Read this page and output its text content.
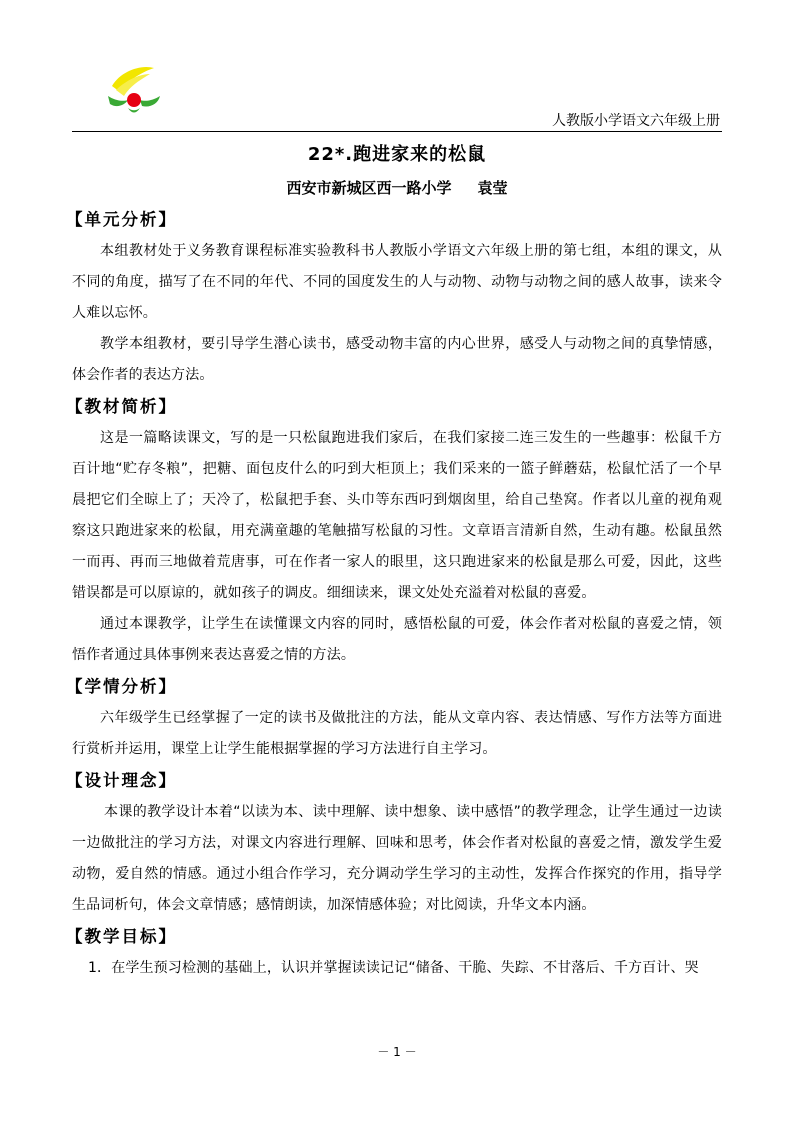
人教版小学语文六年级上册
22*.跑进家来的松鼠
西安市新城区西一路小学 袁莹
【单元分析】

本组教材处于义务教育课程标准实验教科书人教版小学语文六年级上册的第七组，本组的课文，从不同的角度，描写了在不同的年代、不同的国度发生的人与动物、动物与动物之间的感人故事，读来令人难以忘怀。

教学本组教材，要引导学生潜心读书，感受动物丰富的内心世界，感受人与动物之间的真挚情感，体会作者的表达方法。

【教材简析】

这是一篇略读课文，写的是一只松鼠跑进我们家后，在我们家接二连三发生的一些趣事：松鼠千方百计地“贮存冬粮”，把糖、面包皮什么的叼到大柜顶上；我们采来的一篮子鲜蘑菇，松鼠忙活了一个早晨把它们全晾上了；天冷了，松鼠把手套、头巾等东西叼到烟囱里，给自己垫窝。作者以儿童的视角观察这只跑进家来的松鼠，用充满童趣的笔触描写松鼠的习性。文章语言清新自然，生动有趣。松鼠虽然一而再、再而三地做着荒唐事，可在作者一家人的眼里，这只跑进家来的松鼠是那么可爱，因此，这些错误都是可以原谅的，就如孩子的调皮。细细读来，课文处处充溢着对松鼠的喜爱。

通过本课教学，让学生在读懂课文内容的同时，感悟松鼠的可爱，体会作者对松鼠的喜爱之情，领悟作者通过具体事例来表达喜爱之情的方法。

【学情分析】

六年级学生已经掌握了一定的读书及做批注的方法，能从文章内容、表达情感、写作方法等方面进行赏析并运用，课堂上让学生能根据掌握的学习方法进行自主学习。

【设计理念】

本课的教学设计本着“以读为本、读中理解、读中想象、读中感悟”的教学理念，让学生通过一边读一边做批注的学习方法，对课文内容进行理解、回味和思考，体会作者对松鼠的喜爱之情，激发学生爱动物，爱自然的情感。通过小组合作学习，充分调动学生学习的主动性，发挥合作探究的作用，指导学生品词析句，体会文章情感；感情朗读，加深情感体验；对比阅读，升华文本内涵。

【教学目标】

1．在学生预习检测的基础上，认识并掌握读读记记“储备、干脆、失踪、不甘落后、千方百计、哭

－ 1 －
